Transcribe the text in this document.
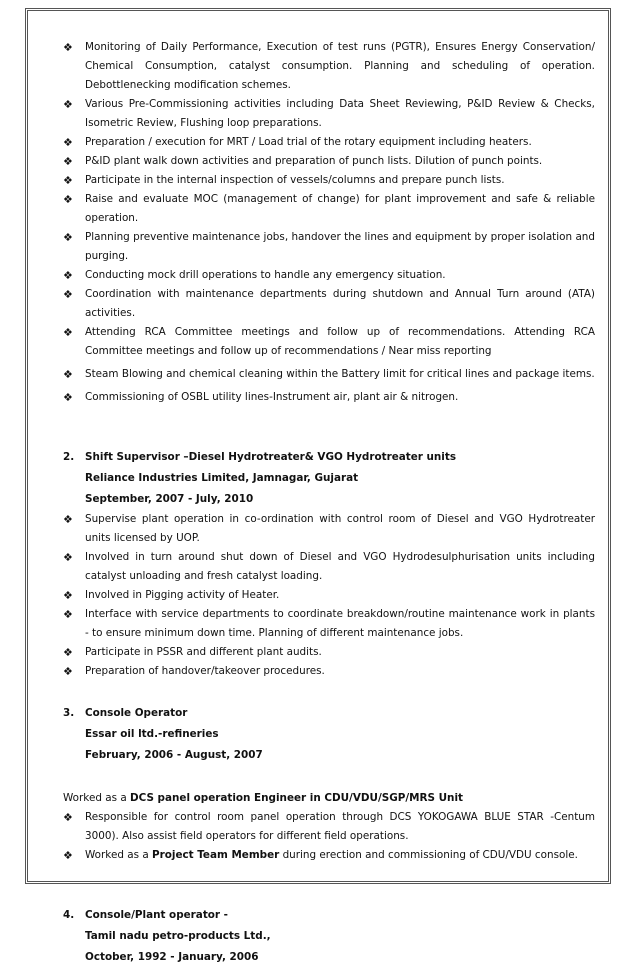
❖ Monitoring of Daily Performance, Execution of test runs (PGTR), Ensures Energy Conservation/ Chemical Consumption, catalyst consumption. Planning and scheduling of operation. Debottlenecking modification schemes.
❖ Various Pre-Commissioning activities including Data Sheet Reviewing, P&ID Review & Checks, Isometric Review, Flushing loop preparations.
❖ Preparation / execution for MRT / Load trial of the rotary equipment including heaters.
❖ P&ID plant walk down activities and preparation of punch lists. Dilution of punch points.
❖ Participate in the internal inspection of vessels/columns and prepare punch lists.
❖ Raise and evaluate MOC (management of change) for plant improvement and safe & reliable operation.
❖ Planning preventive maintenance jobs, handover the lines and equipment by proper isolation and purging.
❖ Conducting mock drill operations to handle any emergency situation.
❖ Coordination with maintenance departments during shutdown and Annual Turn around (ATA) activities.
❖ Attending RCA Committee meetings and follow up of recommendations. Attending RCA Committee meetings and follow up of recommendations / Near miss reporting
❖ Steam Blowing and chemical cleaning within the Battery limit for critical lines and package items.
❖ Commissioning of OSBL utility lines-Instrument air, plant air & nitrogen.
2. Shift Supervisor –Diesel Hydrotreater& VGO Hydrotreater units
Reliance Industries Limited, Jamnagar, Gujarat
September, 2007 - July, 2010
❖ Supervise plant operation in co-ordination with control room of Diesel and VGO Hydrotreater units licensed by UOP.
❖ Involved in turn around shut down of Diesel and VGO Hydrodesulphurisation units including catalyst unloading and fresh catalyst loading.
❖ Involved in Pigging activity of Heater.
❖ Interface with service departments to coordinate breakdown/routine maintenance work in plants - to ensure minimum down time. Planning of different maintenance jobs.
❖ Participate in PSSR and different plant audits.
❖ Preparation of handover/takeover procedures.
3. Console Operator
Essar oil ltd.-refineries
February, 2006 - August, 2007
Worked as a DCS panel operation Engineer in CDU/VDU/SGP/MRS Unit
❖ Responsible for control room panel operation through DCS YOKOGAWA BLUE STAR -Centum 3000). Also assist field operators for different field operations.
❖ Worked as a Project Team Member during erection and commissioning of CDU/VDU console.
4. Console/Plant operator -
Tamil nadu petro-products Ltd.,
October, 1992 - January, 2006
